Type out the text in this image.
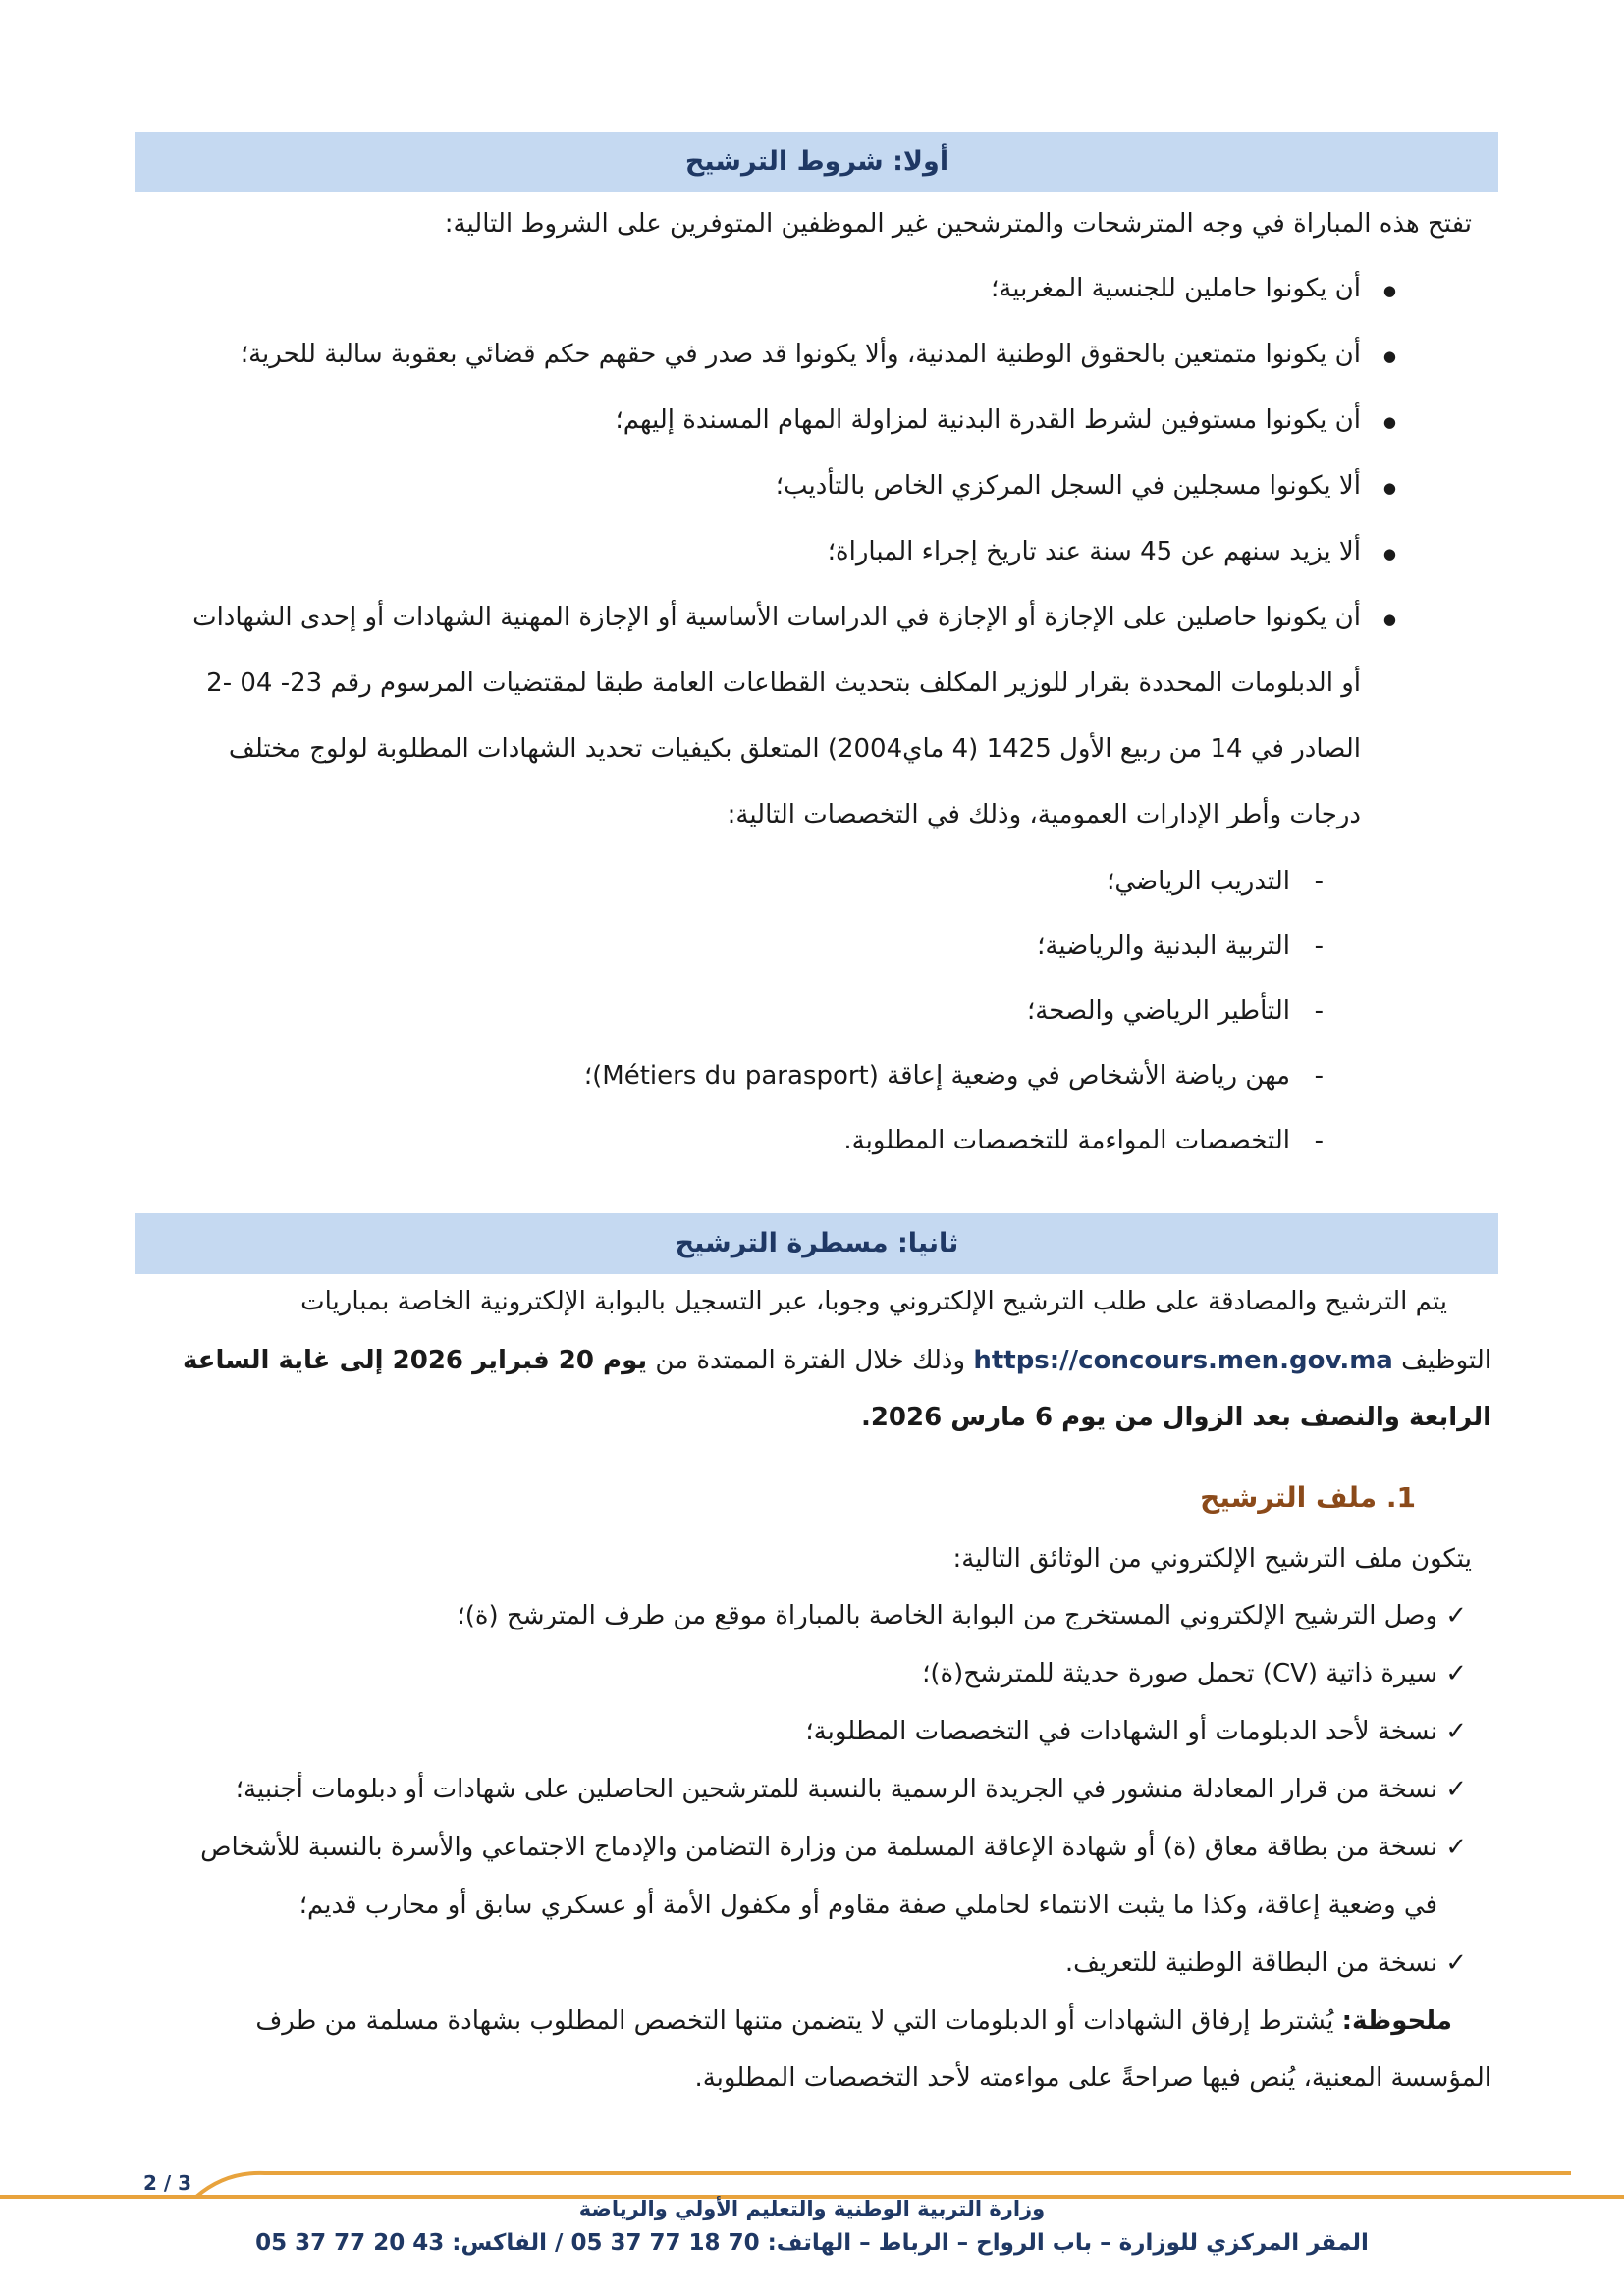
أولا: شروط الترشيح
تفتح هذه المباراة في وجه المترشحات والمترشحين غير الموظفين المتوفرين على الشروط التالية:
● أن يكونوا حاملين للجنسية المغربية؛
● أن يكونوا متمتعين بالحقوق الوطنية المدنية، وألا يكونوا قد صدر في حقهم حكم قضائي بعقوبة سالبة للحرية؛
● أن يكونوا مستوفين لشرط القدرة البدنية لمزاولة المهام المسندة إليهم؛
● ألا يكونوا مسجلين في السجل المركزي الخاص بالتأديب؛
● ألا يزيد سنهم عن 45 سنة عند تاريخ إجراء المباراة؛
● أن يكونوا حاصلين على الإجازة أو الإجازة في الدراسات الأساسية أو الإجازة المهنية الشهادات أو إحدى الشهادات
أو الدبلومات المحددة بقرار للوزير المكلف بتحديث القطاعات العامة طبقا لمقتضيات المرسوم رقم 23- 04 -2
الصادر في 14 من ربيع الأول 1425 (4 ماي2004) المتعلق بكيفيات تحديد الشهادات المطلوبة لولوج مختلف
درجات وأطر الإدارات العمومية، وذلك في التخصصات التالية:
- التدريب الرياضي؛
- التربية البدنية والرياضية؛
- التأطير الرياضي والصحة؛
- مهن رياضة الأشخاص في وضعية إعاقة (Métiers du parasport)؛
- التخصصات المواءمة للتخصصات المطلوبة.
ثانيا: مسطرة الترشيح
يتم الترشيح والمصادقة على طلب الترشيح الإلكتروني وجوبا، عبر التسجيل بالبوابة الإلكترونية الخاصة بمباريات
التوظيف https://concours.men.gov.ma وذلك خلال الفترة الممتدة من يوم 20 فبراير 2026 إلى غاية الساعة
الرابعة والنصف بعد الزوال من يوم 6 مارس 2026.
1. ملف الترشيح
يتكون ملف الترشيح الإلكتروني من الوثائق التالية:
✓ وصل الترشيح الإلكتروني المستخرج من البوابة الخاصة بالمباراة موقع من طرف المترشح (ة)؛
✓ سيرة ذاتية (CV) تحمل صورة حديثة للمترشح(ة)؛
✓ نسخة لأحد الدبلومات أو الشهادات في التخصصات المطلوبة؛
✓ نسخة من قرار المعادلة منشور في الجريدة الرسمية بالنسبة للمترشحين الحاصلين على شهادات أو دبلومات أجنبية؛
✓ نسخة من بطاقة معاق (ة) أو شهادة الإعاقة المسلمة من وزارة التضامن والإدماج الاجتماعي والأسرة بالنسبة للأشخاص
في وضعية إعاقة، وكذا ما يثبت الانتماء لحاملي صفة مقاوم أو مكفول الأمة أو عسكري سابق أو محارب قديم؛
✓ نسخة من البطاقة الوطنية للتعريف.
ملحوظة: يُشترط إرفاق الشهادات أو الدبلومات التي لا يتضمن متنها التخصص المطلوب بشهادة مسلمة من طرف
المؤسسة المعنية، يُنص فيها صراحةً على مواءمته لأحد التخصصات المطلوبة.
2 / 3
وزارة التربية الوطنية والتعليم الأولي والرياضة
المقر المركزي للوزارة – باب الرواح – الرباط – الهاتف: 70 18 77 37 05 / الفاكس: 43 20 77 37 05
